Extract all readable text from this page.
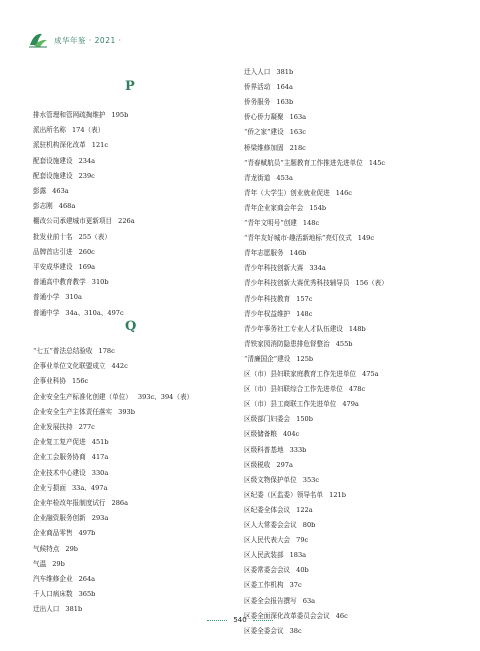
成华年鉴 · 2021 ·
P
Q
排水管理和管网疏掏维护 195b
派出所名称 174（表）
派驻机构深化改革 121c
配套设施建设 234a
配套设施建设 239c
彭露 463a
彭志刚 468a
棚改公司承建城市更新项目 226a
批发业前十名 255（表）
品牌首店引进 260c
平安成华建设 169a
普通高中教育教学 310b
普通小学 310a
普通中学 34a、310a、497c
“七五”普法总结验收 178c
企事业单位文化联盟成立 442c
企事业科协 156c
企业安全生产标准化创建（单位） 393c、394（表）
企业安全生产主体责任落实 393b
企业发展扶持 277c
企业复工复产促进 451b
企业工会服务协商 417a
企业技术中心建设 330a
企业亏损面 33a、497a
企业年检改年报制度试行 286a
企业融资服务创新 293a
企业商品零售 497b
气候特点 29b
气温 29b
汽车维修企业 264a
千人口病床数 365b
迁出人口 381b
迁入人口 381b
侨界活动 164a
侨务服务 163b
侨心侨力凝聚 163a
“侨之家”建设 163c
桥梁维修加固 218c
“青春赋航员”主题教育工作推进先进单位 145c
青龙街道 453a
青年（大学生）创业就业促进 146c
青年企业家商会年会 154b
“青年文明号”创建 148c
“青年友好城市·趣活新地标”亮灯仪式 149c
青年志愿服务 146b
青少年科技创新大赛 334a
青少年科技创新大赛优秀科技辅导员 156（表）
青少年科技教育 157c
青少年权益维护 148c
青少年事务社工专业人才队伍建设 148b
青铁家园消防隐患排危督整治 455b
“清廉国企”建设 125b
区（市）县妇联家庭教育工作先进单位 475a
区（市）县妇联综合工作先进单位 478c
区（市）县工商联工作先进单位 479a
区级部门妇委会 150b
区级储备粮 404c
区级科普基地 333b
区级税收 297a
区级文物保护单位 353c
区纪委（区监委）领导名单 121b
区纪委全体会议 122a
区人大常委会会议 80b
区人民代表大会 79c
区人民武装部 183a
区委常委会会议 40b
区委工作机构 37c
区委全会报告撰写 63a
区委全面深化改革委员会会议 46c
区委全委会议 38c
540
